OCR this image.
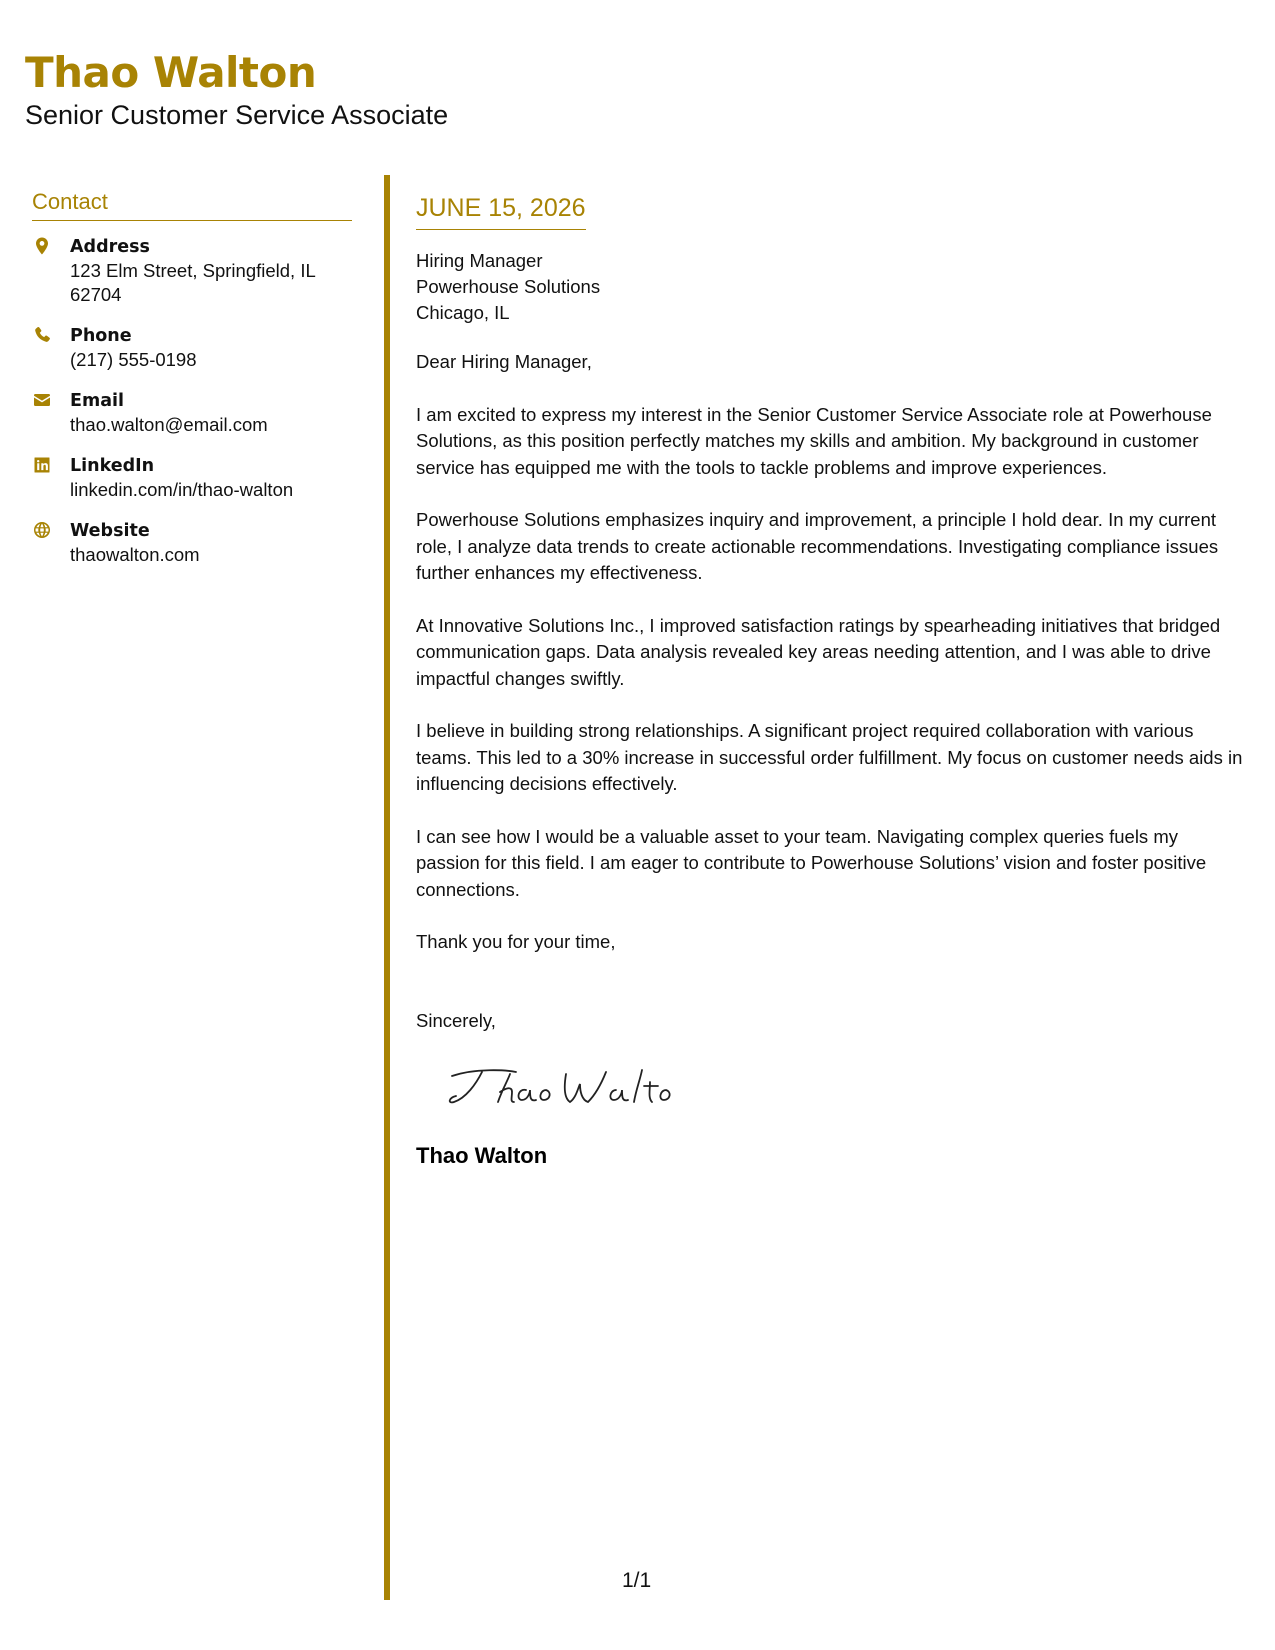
Thao Walton
Senior Customer Service Associate
Contact
Address
123 Elm Street, Springfield, IL 62704
Phone
(217) 555-0198
Email
thao.walton@email.com
LinkedIn
linkedin.com/in/thao-walton
Website
thaowalton.com
JUNE 15, 2026
Hiring Manager
Powerhouse Solutions
Chicago, IL
Dear Hiring Manager,
I am excited to express my interest in the Senior Customer Service Associate role at Powerhouse Solutions, as this position perfectly matches my skills and ambition. My background in customer service has equipped me with the tools to tackle problems and improve experiences.
Powerhouse Solutions emphasizes inquiry and improvement, a principle I hold dear. In my current role, I analyze data trends to create actionable recommendations. Investigating compliance issues further enhances my effectiveness.
At Innovative Solutions Inc., I improved satisfaction ratings by spearheading initiatives that bridged communication gaps. Data analysis revealed key areas needing attention, and I was able to drive impactful changes swiftly.
I believe in building strong relationships. A significant project required collaboration with various teams. This led to a 30% increase in successful order fulfillment. My focus on customer needs aids in influencing decisions effectively.
I can see how I would be a valuable asset to your team. Navigating complex queries fuels my passion for this field. I am eager to contribute to Powerhouse Solutions’ vision and foster positive connections.
Thank you for your time,
Sincerely,
Thao Walton
1/1
